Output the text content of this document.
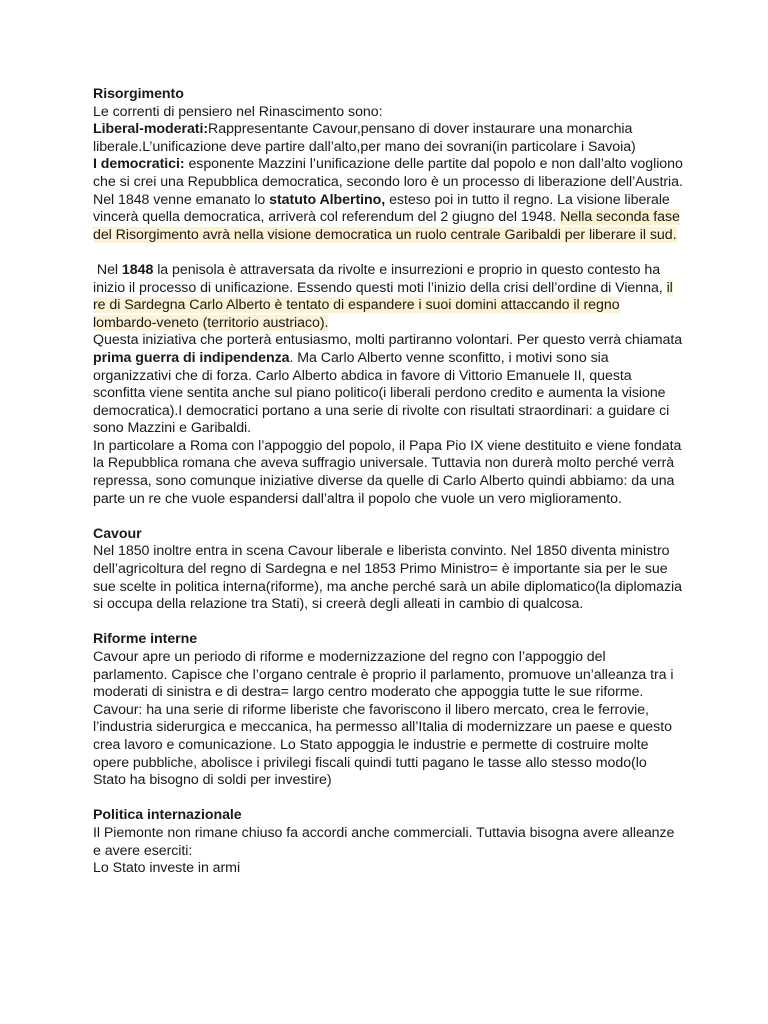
Risorgimento
Le correnti di pensiero nel Rinascimento sono:
Liberal-moderati:Rappresentante Cavour,pensano di dover instaurare una monarchia liberale.L’unificazione deve partire dall’alto,per mano dei sovrani(in particolare i Savoia)
I democratici: esponente Mazzini l’unificazione delle partite dal popolo e non dall’alto vogliono che si crei una Repubblica democratica, secondo loro è un processo di liberazione dell’Austria.
Nel 1848 venne emanato lo statuto Albertino, esteso poi in tutto il regno. La visione liberale vincerà quella democratica, arriverà col referendum del 2 giugno del 1948. Nella seconda fase del Risorgimento avrà nella visione democratica un ruolo centrale Garibaldi per liberare il sud.
Nel 1848 la penisola è attraversata da rivolte e insurrezioni e proprio in questo contesto ha inizio il processo di unificazione. Essendo questi moti l’inizio della crisi dell’ordine di Vienna, il re di Sardegna Carlo Alberto è tentato di espandere i suoi domini attaccando il regno lombardo-veneto (territorio austriaco).
Questa iniziativa che porterà entusiasmo, molti partiranno volontari. Per questo verrà chiamata prima guerra di indipendenza. Ma Carlo Alberto venne sconfitto, i motivi sono sia organizzativi che di forza. Carlo Alberto abdica in favore di Vittorio Emanuele II, questa sconfitta viene sentita anche sul piano politico(i liberali perdono credito e aumenta la visione democratica).I democratici portano a una serie di rivolte con risultati straordinari: a guidare ci sono Mazzini e Garibaldi.
In particolare a Roma con l’appoggio del popolo, il Papa Pio IX viene destituito e viene fondata la Repubblica romana che aveva suffragio universale. Tuttavia non durerà molto perché verrà repressa, sono comunque iniziative diverse da quelle di Carlo Alberto quindi abbiamo: da una parte un re che vuole espandersi dall’altra il popolo che vuole un vero miglioramento.
Cavour
Nel 1850 inoltre entra in scena Cavour liberale e liberista convinto. Nel 1850 diventa ministro dell’agricoltura del regno di Sardegna e nel 1853 Primo Ministro= è importante sia per le sue sue scelte in politica interna(riforme), ma anche perché sarà un abile diplomatico(la diplomazia si occupa della relazione tra Stati), si creerà degli alleati in cambio di qualcosa.
Riforme interne
Cavour apre un periodo di riforme e modernizzazione del regno con l’appoggio del parlamento. Capisce che l’organo centrale è proprio il parlamento, promuove un’alleanza tra i moderati di sinistra e di destra= largo centro moderato che appoggia tutte le sue riforme. Cavour: ha una serie di riforme liberiste che favoriscono il libero mercato, crea le ferrovie, l’industria siderurgica e meccanica, ha permesso all’Italia di modernizzare un paese e questo crea lavoro e comunicazione. Lo Stato appoggia le industrie e permette di costruire molte opere pubbliche, abolisce i privilegi fiscali quindi tutti pagano le tasse allo stesso modo(lo Stato ha bisogno di soldi per investire)
Politica internazionale
Il Piemonte non rimane chiuso fa accordi anche commerciali. Tuttavia bisogna avere alleanze e avere eserciti:
Lo Stato investe in armi
